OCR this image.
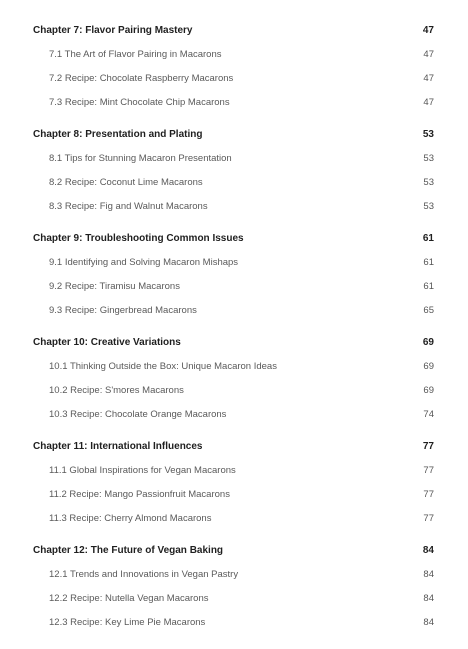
Chapter 7: Flavor Pairing Mastery	47
7.1 The Art of Flavor Pairing in Macarons	47
7.2 Recipe: Chocolate Raspberry Macarons	47
7.3 Recipe: Mint Chocolate Chip Macarons	47
Chapter 8: Presentation and Plating	53
8.1 Tips for Stunning Macaron Presentation	53
8.2 Recipe: Coconut Lime Macarons	53
8.3 Recipe: Fig and Walnut Macarons	53
Chapter 9: Troubleshooting Common Issues	61
9.1 Identifying and Solving Macaron Mishaps	61
9.2 Recipe: Tiramisu Macarons	61
9.3 Recipe: Gingerbread Macarons	65
Chapter 10: Creative Variations	69
10.1 Thinking Outside the Box: Unique Macaron Ideas	69
10.2 Recipe: S'mores Macarons	69
10.3 Recipe: Chocolate Orange Macarons	74
Chapter 11: International Influences	77
11.1 Global Inspirations for Vegan Macarons	77
11.2 Recipe: Mango Passionfruit Macarons	77
11.3 Recipe: Cherry Almond Macarons	77
Chapter 12: The Future of Vegan Baking	84
12.1 Trends and Innovations in Vegan Pastry	84
12.2 Recipe: Nutella Vegan Macarons	84
12.3 Recipe: Key Lime Pie Macarons	84
